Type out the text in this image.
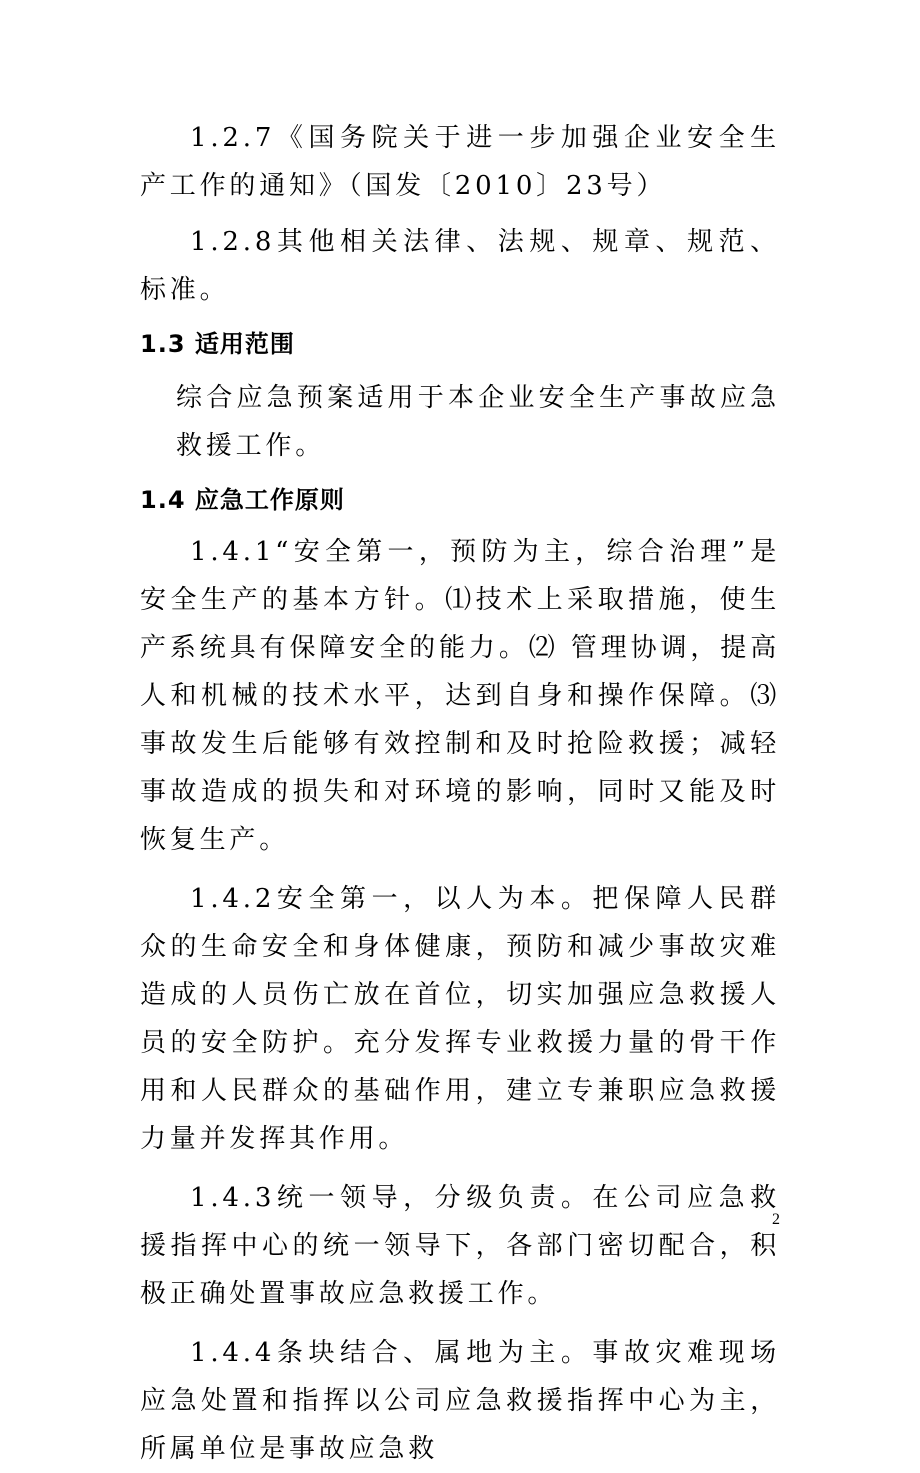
1.2.7《国务院关于进一步加强企业安全生产工作的通知》（国发〔2010〕23号）

1.2.8其他相关法律、法规、规章、规范、标准。

1.3 适用范围

综合应急预案适用于本企业安全生产事故应急救援工作。

1.4 应急工作原则

1.4.1“安全第一，预防为主，综合治理”是安全生产的基本方针。⑴技术上采取措施，使生产系统具有保障安全的能力。⑵ 管理协调，提高人和机械的技术水平，达到自身和操作保障。⑶事故发生后能够有效控制和及时抢险救援；减轻事故造成的损失和对环境的影响，同时又能及时恢复生产。

1.4.2安全第一，以人为本。把保障人民群众的生命安全和身体健康，预防和减少事故灾难造成的人员伤亡放在首位，切实加强应急救援人员的安全防护。充分发挥专业救援力量的骨干作用和人民群众的基础作用，建立专兼职应急救援力量并发挥其作用。

1.4.3统一领导，分级负责。在公司应急救援指挥中心的统一领导下，各部门密切配合，积极正确处置事故应急救援工作。

1.4.4条块结合、属地为主。事故灾难现场应急处置和指挥以公司应急救援指挥中心为主，所属单位是事故应急救

2
